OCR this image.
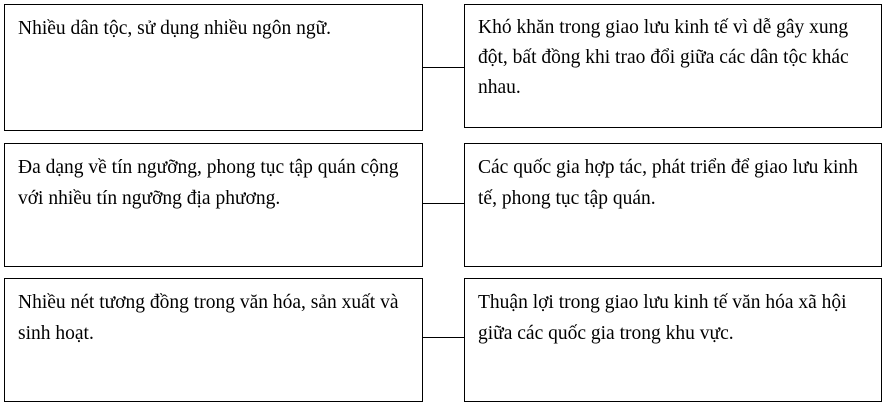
Nhiều dân tộc, sử dụng nhiều ngôn ngữ.	Khó khăn trong giao lưu kinh tế vì dễ gây xung đột, bất đồng khi trao đổi giữa các dân tộc khác nhau.
Đa dạng về tín ngưỡng, phong tục tập quán cộng với nhiều tín ngưỡng địa phương.
Các quốc gia hợp tác, phát triển để giao lưu kinh tế, phong tục tập quán.
Nhiều nét tương đồng trong văn hóa, sản xuất và sinh hoạt.
Thuận lợi trong giao lưu kinh tế văn hóa xã hội giữa các quốc gia trong khu vực.
